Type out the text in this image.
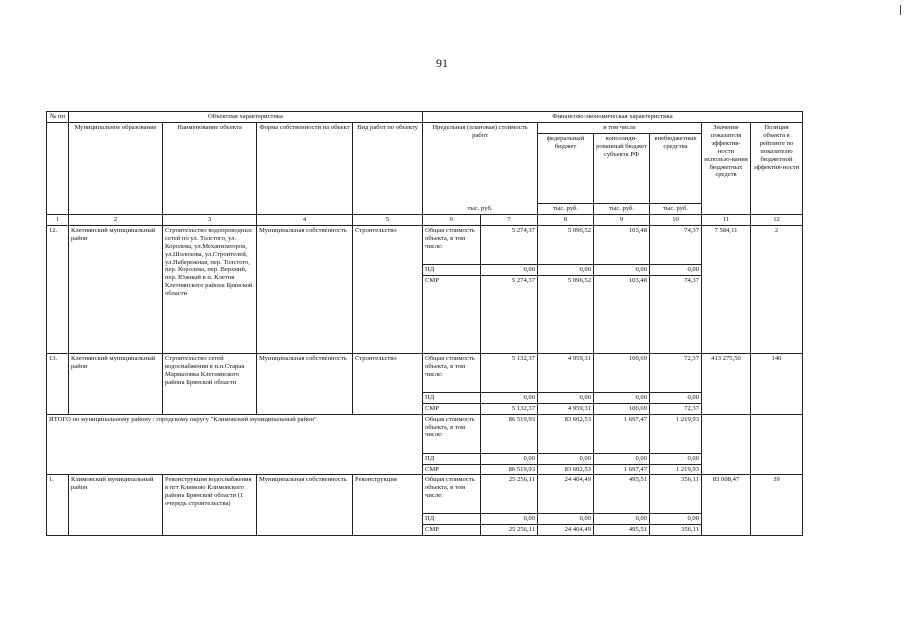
91
№ пп	Объектная характеристика				Финансово-экономическая характеристика						
	Муниципальное образование	Наименование объекта	Форма собственности на объект	Вид работ по объекту	Предельная (плановая) стоимость работ		в том числе			Значение показателя эффектив-ности использо-вания бюджетных средств	Позиция объекта в рейтинге по показателю бюджетной эффектив-ности
							федеральный бюджет	консолиди-рованный бюджет субъекта РФ	внебюджетные средства		
					тыс. руб.		тыс. руб.	тыс. руб.	тыс. руб.		
1	2	3	4	5	6	7	8	9	10	11	12
12.	Клетнянский муниципальный район	Строительство водопроводных сетей по ул. Толстого, ул. Королева, ул.Механизаторов, ул.Шолохова, ул.Строителей, ул.Набережная, пер. Толстого, пер. Королева, пер. Верхний, пер. Южный в п. Клетня Клетнянского района Брянской области	Муниципальная собственность	Строительство	Общая стоимость объекта, в том числе:	5 274,37	5 096,52	103,48	74,37	7 584,11	2
					ПД	0,00	0,00	0,00	0,00		
					СМР	5 274,37	5 096,52	103,48	74,37		
13.	Клетнянский муниципальный район	Строительство сетей водоснабжения в н.п.Старая Мармазовка Клетнянского района Брянской области	Муниципальная собственность	Строительство	Общая стоимость объекта, в том числе:	5 132,37	4 959,31	100,69	72,37	413 275,50	140
					ПД	0,00	0,00	0,00	0,00		
					СМР	5 132,37	4 959,31	100,69	72,37		
ИТОГО по муниципальному району / городскому округу "Климовский муниципальный район"					Общая стоимость объекта, в том числе:	86 519,93	83 602,53	1 697,47	1 219,93		
					ПД	0,00	0,00	0,00	0,00		
					СМР	86 519,93	83 602,53	1 697,47	1 219,93		
1.	Климовский муниципальный район	Реконструкция водоснабжения в пгт Климово Климовского района Брянской области (1 очередь строительства)	Муниципальная собственность	Реконструкция	Общая стоимость объекта, в том числе:	25 256,11	24 404,49	495,51	356,11	83 008,47	39
					ПД	0,00	0,00	0,00	0,00		
					СМР	25 256,11	24 404,49	495,51	356,11		
